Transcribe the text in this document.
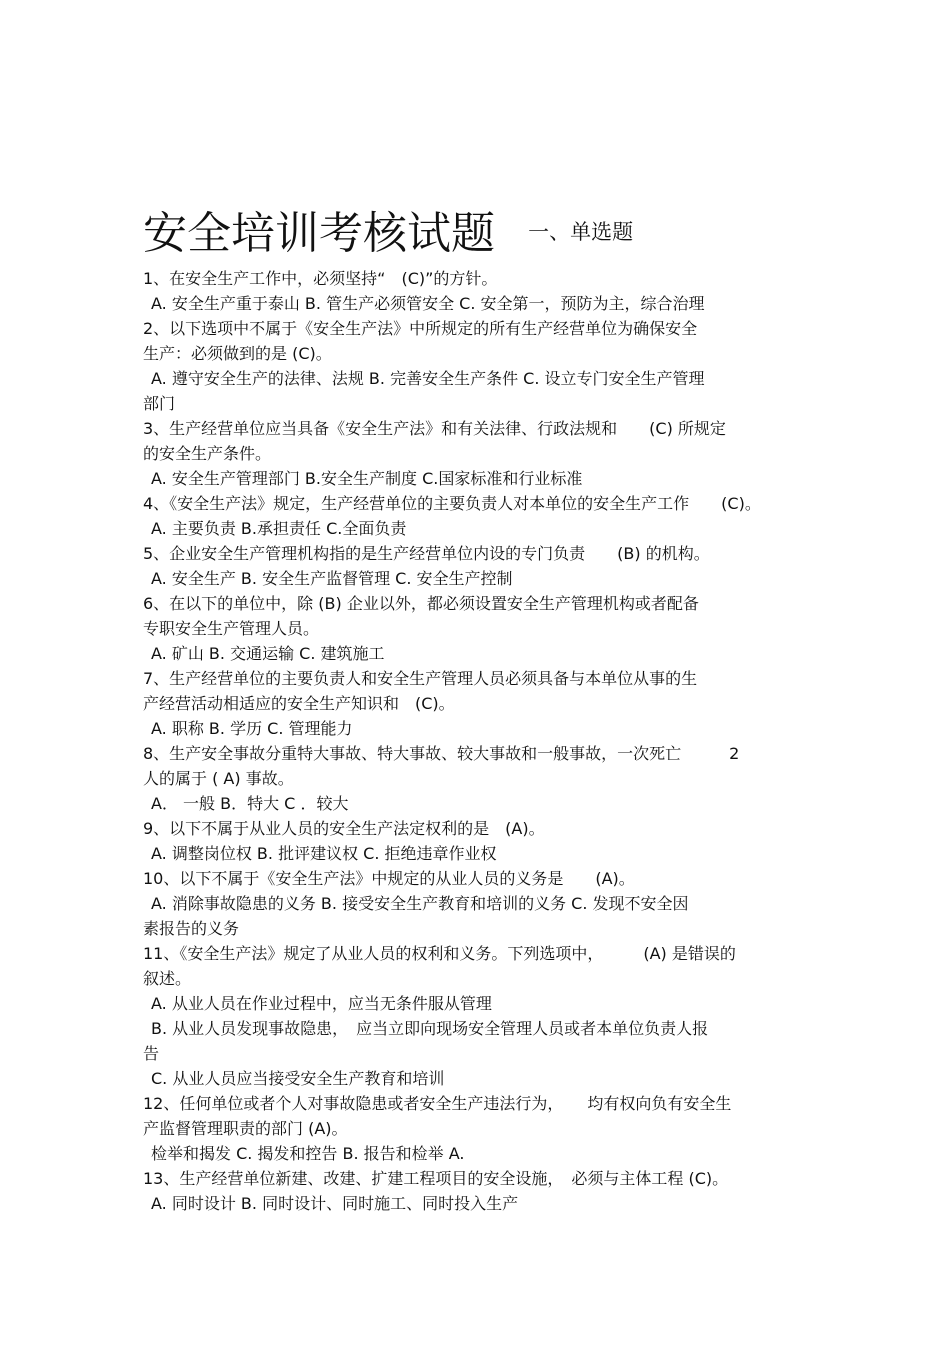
安全培训考核试题 一、单选题
1、在安全生产工作中，必须坚持“　(C)”的方针。
A. 安全生产重于泰山 B. 管生产必须管安全 C. 安全第一，预防为主，综合治理
2、以下选项中不属于《安全生产法》中所规定的所有生产经营单位为确保安全
生产：必须做到的是 (C)。
A. 遵守安全生产的法律、法规 B. 完善安全生产条件 C. 设立专门安全生产管理
部门
3、生产经营单位应当具备《安全生产法》和有关法律、行政法规和　　(C) 所规定
的安全生产条件。
A. 安全生产管理部门 B.安全生产制度 C.国家标准和行业标准
4、《安全生产法》规定，生产经营单位的主要负责人对本单位的安全生产工作　　(C)。
A. 主要负责 B.承担责任 C.全面负责
5、企业安全生产管理机构指的是生产经营单位内设的专门负责　　(B) 的机构。
A. 安全生产 B. 安全生产监督管理 C. 安全生产控制
6、在以下的单位中，除 (B) 企业以外，都必须设置安全生产管理机构或者配备
专职安全生产管理人员。
A. 矿山 B. 交通运输 C. 建筑施工
7、生产经营单位的主要负责人和安全生产管理人员必须具备与本单位从事的生
产经营活动相适应的安全生产知识和　(C)。
A. 职称 B. 学历 C. 管理能力
8、生产安全事故分重特大事故、特大事故、较大事故和一般事故，一次死亡　　　2
人的属于 ( A) 事故。
A． 一般 B．特大 C ．较大
9、以下不属于从业人员的安全生产法定权利的是　(A)。
A. 调整岗位权 B. 批评建议权 C. 拒绝违章作业权
10、以下不属于《安全生产法》中规定的从业人员的义务是　　(A)。
A. 消除事故隐患的义务 B. 接受安全生产教育和培训的义务 C. 发现不安全因
素报告的义务
11、《安全生产法》规定了从业人员的权利和义务。下列选项中，　　　(A) 是错误的
叙述。
A. 从业人员在作业过程中，应当无条件服从管理
B. 从业人员发现事故隐患，　应当立即向现场安全管理人员或者本单位负责人报
告
C. 从业人员应当接受安全生产教育和培训
12、任何单位或者个人对事故隐患或者安全生产违法行为，　　均有权向负有安全生
产监督管理职责的部门 (A)。
检举和揭发 C. 揭发和控告 B. 报告和检举 A.
13、生产经营单位新建、改建、扩建工程项目的安全设施，　必须与主体工程 (C)。
A. 同时设计 B. 同时设计、同时施工、同时投入生产
